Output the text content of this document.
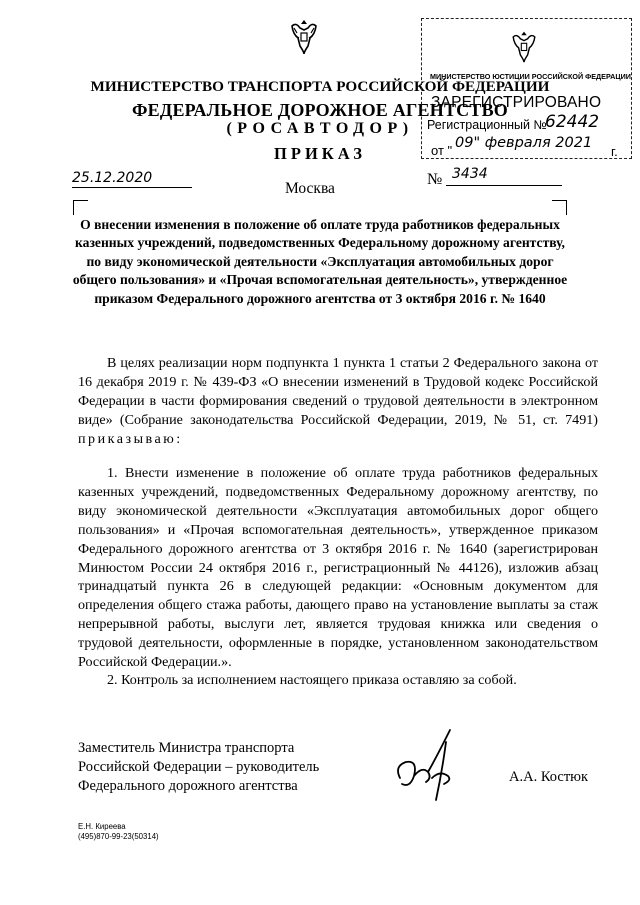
МИНИСТЕРСТВО ТРАНСПОРТА РОССИЙСКОЙ ФЕДЕРАЦИИ
ФЕДЕРАЛЬНОЕ ДОРОЖНОЕ АГЕНТСТВО
(РОСАВТОДОР)
ПРИКАЗ
МИНИСТЕРСТВО ЮСТИЦИИ РОССИЙСКОЙ ФЕДЕРАЦИИ
ЗАРЕГИСТРИРОВАНО
Регистрационный №
62442
от " 09" февраля 2021
г.
25.12.2020
Москва
№ 3434
О внесении изменения в положение об оплате труда работников федеральных казенных учреждений, подведомственных Федеральному дорожному агентству, по виду экономической деятельности «Эксплуатация автомобильных дорог общего пользования» и «Прочая вспомогательная деятельность», утвержденное приказом Федерального дорожного агентства от 3 октября 2016 г. № 1640
В целях реализации норм подпункта 1 пункта 1 статьи 2 Федерального закона от 16 декабря 2019 г. № 439-ФЗ «О внесении изменений в Трудовой кодекс Российской Федерации в части формирования сведений о трудовой деятельности в электронном виде» (Собрание законодательства Российской Федерации, 2019, № 51, ст. 7491) приказываю:
1. Внести изменение в положение об оплате труда работников федеральных казенных учреждений, подведомственных Федеральному дорожному агентству, по виду экономической деятельности «Эксплуатация автомобильных дорог общего пользования» и «Прочая вспомогательная деятельность», утвержденное приказом Федерального дорожного агентства от 3 октября 2016 г. № 1640 (зарегистрирован Минюстом России 24 октября 2016 г., регистрационный № 44126), изложив абзац тринадцатый пункта 26 в следующей редакции: «Основным документом для определения общего стажа работы, дающего право на установление выплаты за стаж непрерывной работы, выслуги лет, является трудовая книжка или сведения о трудовой деятельности, оформленные в порядке, установленном законодательством Российской Федерации.».
2. Контроль за исполнением настоящего приказа оставляю за собой.
Заместитель Министра транспорта
Российской Федерации – руководитель
Федерального дорожного агентства
А.А. Костюк
Е.Н. Киреева
(495)870-99-23(50314)
